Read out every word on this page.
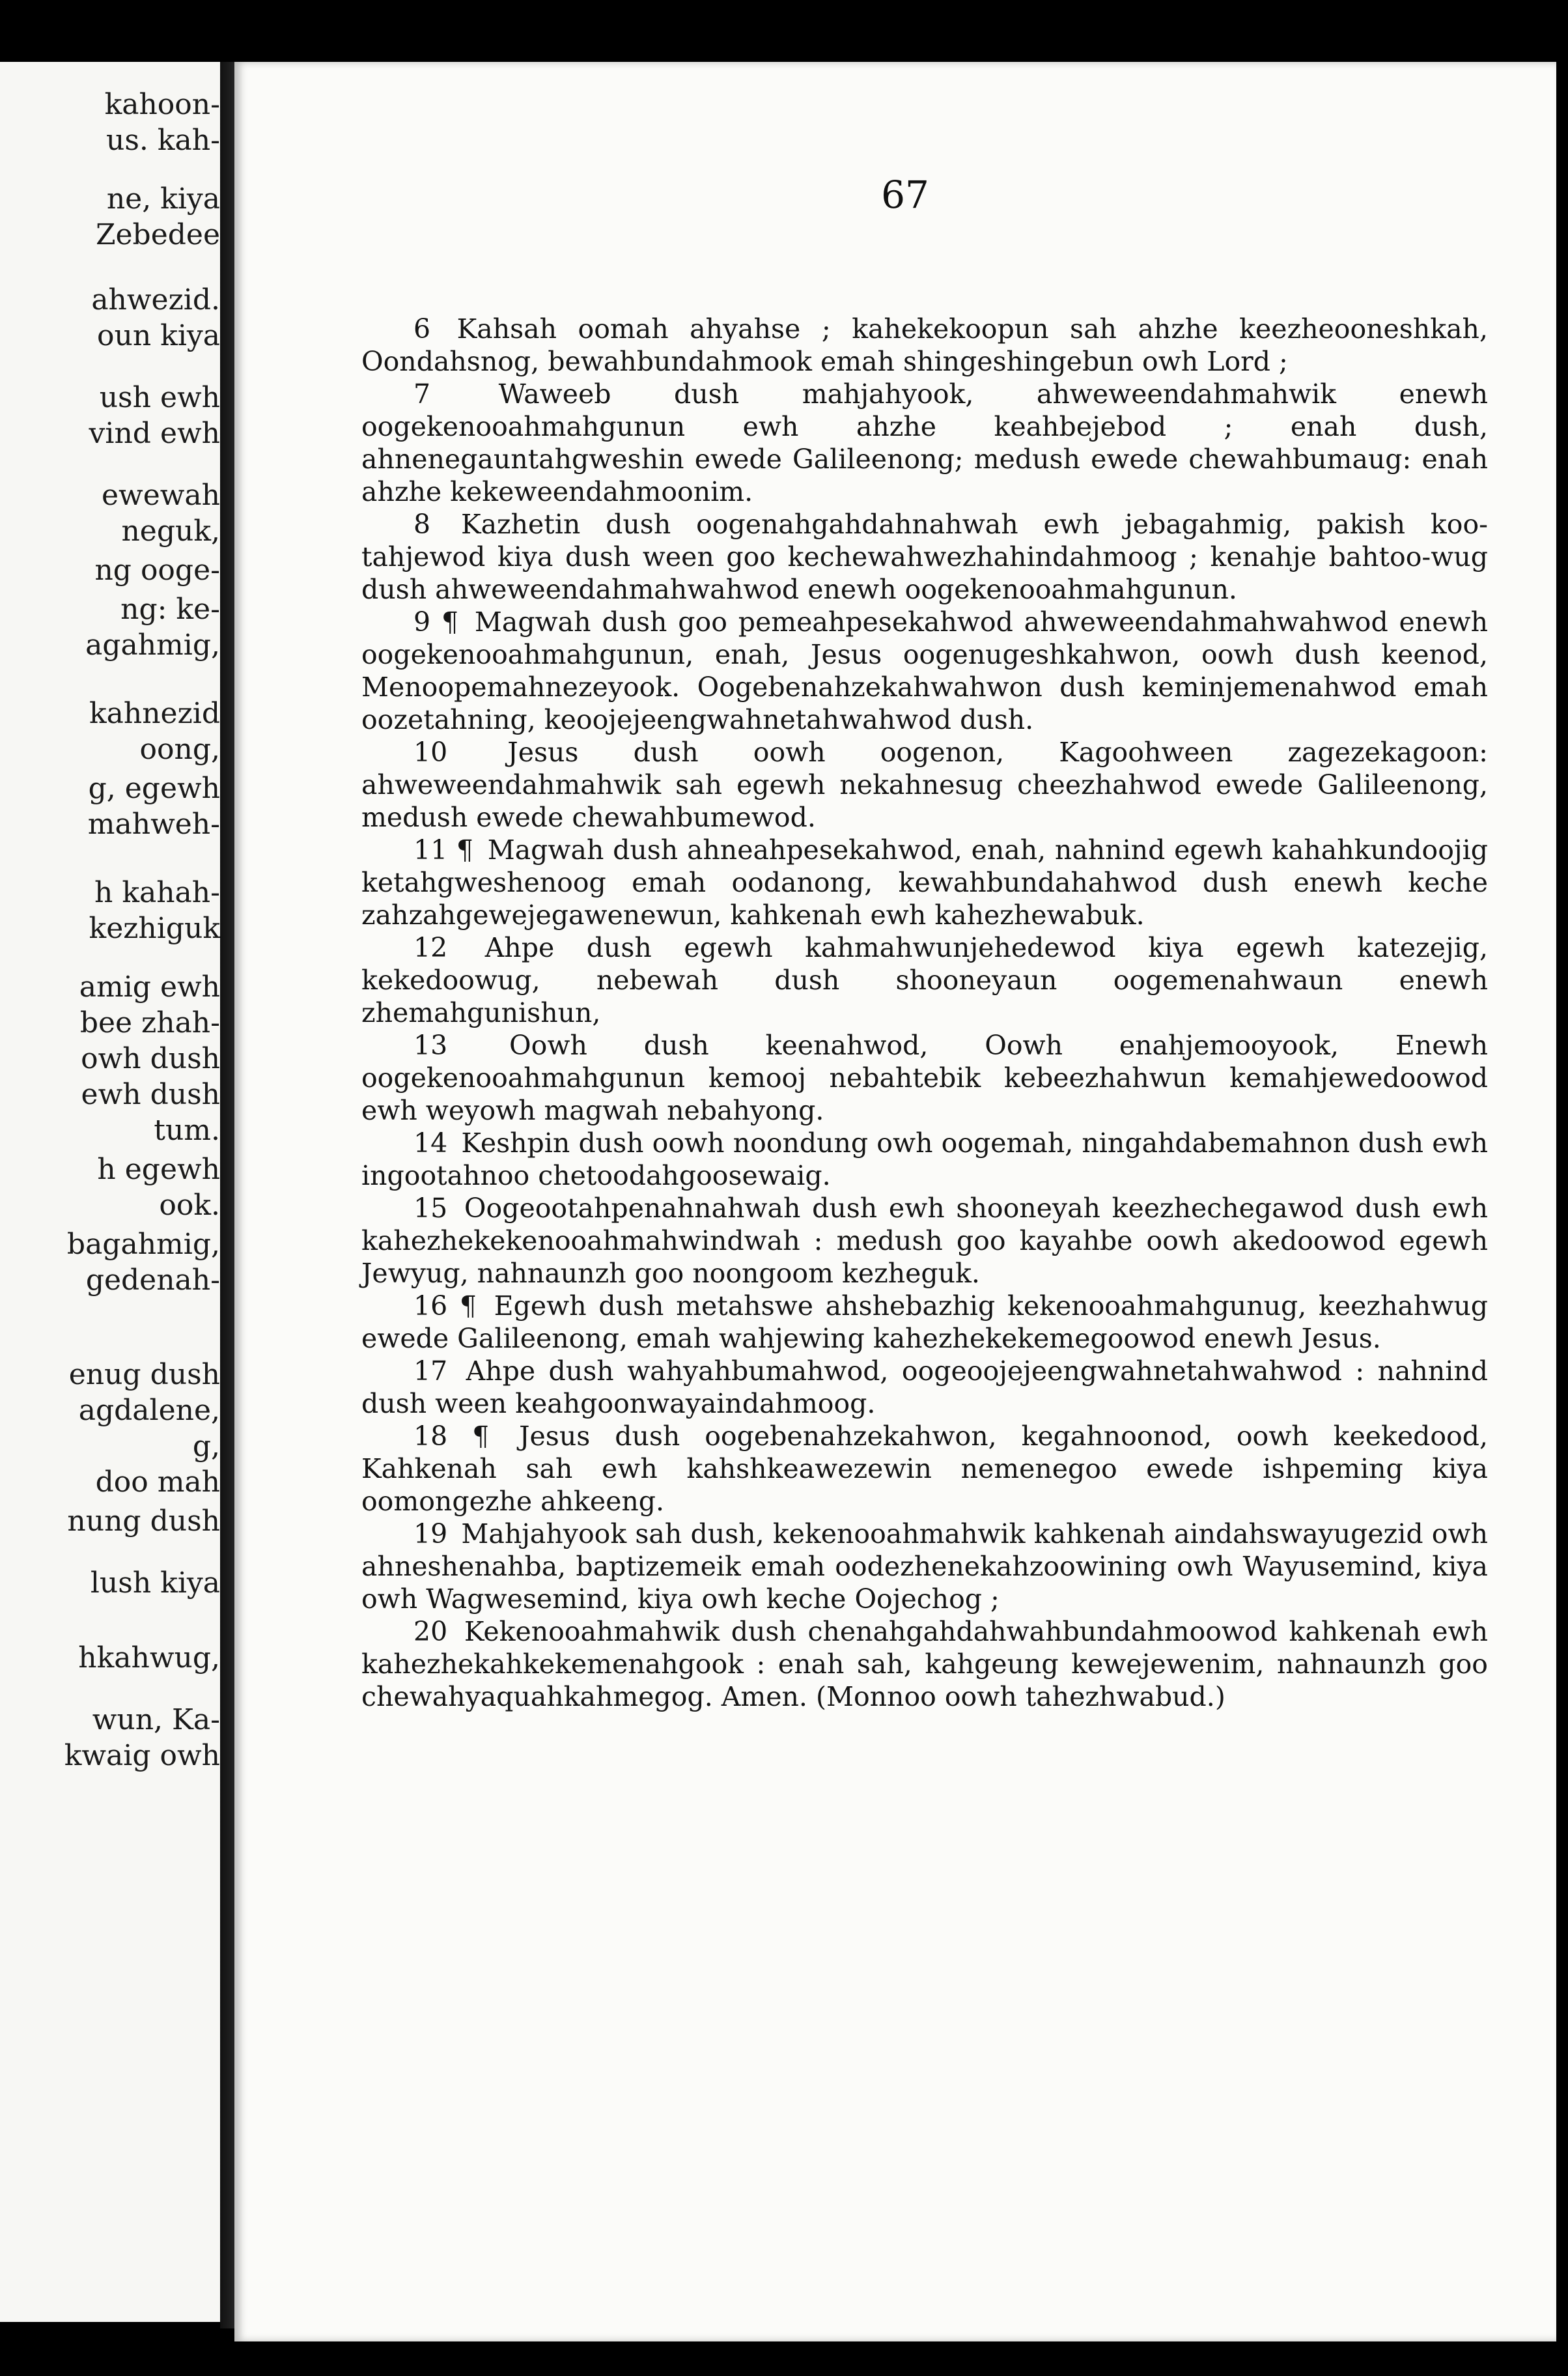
kahoon-
us. kah-
ne, kiya
Zebedee
ahwezid.
oun kiya
ush ewh
vind ewh
ewewah
neguk,
ng ooge-
ng: ke-
agahmig,
kahnezid
oong,
g, egewh
mahweh-
h kahah-
kezhiguk
amig ewh
bee zhah-
owh dush
ewh dush
tum.
h egewh
ook.
bagahmig,
gedenah-
enug dush
agdalene,
g,
doo mah
nung dush
lush kiya
hkahwug,
wun, Ka-
kwaig owh
67

6 Kahsah oomah ahyahse ; kahekekoopun sah ahzhe keezheooneshkah, Oondahsnog, bewahbundahmook emah shingeshingebun owh Lord ;

7	Waweeb dush mahjahyook, ahweweendahmahwik enewh oogekenooahmahgunun ewh ahzhe keahbejebod ; enah dush, ahnenegauntahgweshin ewede Galileenong; medush ewede chewahbumaug: enah ahzhe kekeweendahmoonim.

8 Kazhetin dush oogenahgahdahnahwah ewh jebagahmig, pakish koo-tahjewod kiya dush ween goo kechewahwezhahindahmoog ; kenahje bahtoo-wug dush ahweweendahmahwahwod enewh oogekenooahmahgunun.

9 ¶ Magwah dush goo pemeahpesekahwod ahweweendahmahwahwod enewh oogekenooahmahgunun, enah, Jesus oogenugeshkahwon, oowh dush keenod, Menoopemahnezeyook. Oogebenahzekahwahwon dush keminjemenahwod emah oozetahning, keoojejeengwahnetahwahwod dush.

10 Jesus dush oowh oogenon, Kagoohween zagezekagoon: ahweweendahmahwik sah egewh nekahnesug cheezhahwod ewede Galileenong, medush ewede chewahbumewod.

11 ¶ Magwah dush ahneahpesekahwod, enah, nahnind egewh kahahkundoojig ketahgweshenoog emah oodanong, kewahbundahahwod dush enewh keche zahzahgewejegawenewun, kahkenah ewh kahezhewabuk.

12 Ahpe dush egewh kahmahwunjehedewod kiya egewh katezejig, kekedoowug, nebewah dush shooneyaun oogemenahwaun enewh zhemahgunishun,

13 Oowh dush keenahwod, Oowh enahjemooyook, Enewh oogekenooahmahgunun kemooj nebahtebik kebeezhahwun kemahjewedoowod ewh weyowh magwah nebahyong.

14 Keshpin dush oowh noondung owh oogemah, ningahdabemahnon dush ewh ingootahnoo chetoodahgoosewaig.

15 Oogeootahpenahnahwah dush ewh shooneyah keezhechegawod dush ewh kahezhekekenooahmahwindwah : medush goo kayahbe oowh akedoowod egewh Jewyug, nahnaunzh goo noongoom kezheguk.

16 ¶ Egewh dush metahswe ahshebazhig kekenooahmahgunug, keezhahwug ewede Galileenong, emah wahjewing kahezhekekemegoowod enewh Jesus.

17 Ahpe dush wahyahbumahwod, oogeoojejeengwahnetahwahwod : nahnind dush ween keahgoonwayaindahmoog.

18 ¶ Jesus dush oogebenahzekahwon, kegahnoonod, oowh keekedood, Kahkenah sah ewh kahshkeawezewin nemenegoo ewede ishpeming kiya oomongezhe ahkeeng.

19 Mahjahyook sah dush, kekenooahmahwik kahkenah aindahswayugezid owh ahneshenahba, baptizemeik emah oodezhenekahzoowining owh Wayusemind, kiya owh Wagwesemind, kiya owh keche Oojechog ;

20 Kekenooahmahwik dush chenahgahdahwahbundahmoowod kahkenah ewh kahezhekahkekemenahgook : enah sah, kahgeung kewejewenim, nahnaunzh goo chewahyaquahkahmegog. Amen. (Monnoo oowh tahezhwabud.)
